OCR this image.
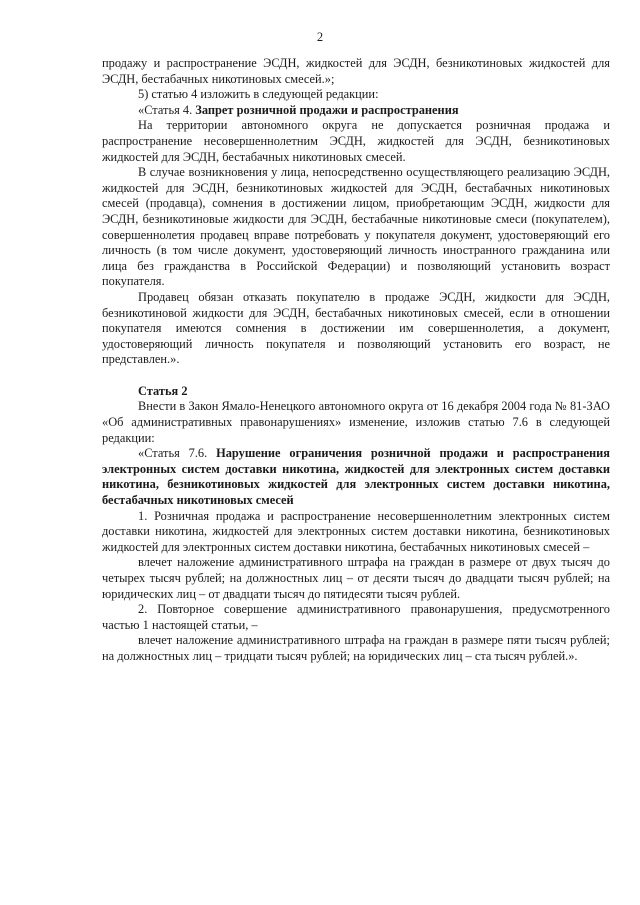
2

продажу и распространение ЭСДН, жидкостей для ЭСДН, безникотиновых жидкостей для ЭСДН, бестабачных никотиновых смесей.»;

5) статью 4 изложить в следующей редакции:

«Статья 4. Запрет розничной продажи и распространения

На территории автономного округа не допускается розничная продажа и распространение несовершеннолетним ЭСДН, жидкостей для ЭСДН, безникотиновых жидкостей для ЭСДН, бестабачных никотиновых смесей.

В случае возникновения у лица, непосредственно осуществляющего реализацию ЭСДН, жидкостей для ЭСДН, безникотиновых жидкостей для ЭСДН, бестабачных никотиновых смесей (продавца), сомнения в достижении лицом, приобретающим ЭСДН, жидкости для ЭСДН, безникотиновые жидкости для ЭСДН, бестабачные никотиновые смеси (покупателем), совершеннолетия продавец вправе потребовать у покупателя документ, удостоверяющий его личность (в том числе документ, удостоверяющий личность иностранного гражданина или лица без гражданства в Российской Федерации) и позволяющий установить возраст покупателя.

Продавец обязан отказать покупателю в продаже ЭСДН, жидкости для ЭСДН, безникотиновой жидкости для ЭСДН, бестабачных никотиновых смесей, если в отношении покупателя имеются сомнения в достижении им совершеннолетия, а документ, удостоверяющий личность покупателя и позволяющий установить его возраст, не представлен.».

Статья 2

Внести в Закон Ямало-Ненецкого автономного округа от 16 декабря 2004 года № 81-ЗАО «Об административных правонарушениях» изменение, изложив статью 7.6 в следующей редакции:

«Статья 7.6. Нарушение ограничения розничной продажи и распространения электронных систем доставки никотина, жидкостей для электронных систем доставки никотина, безникотиновых жидкостей для электронных систем доставки никотина, бестабачных никотиновых смесей

1. Розничная продажа и распространение несовершеннолетним электронных систем доставки никотина, жидкостей для электронных систем доставки никотина, безникотиновых жидкостей для электронных систем доставки никотина, бестабачных никотиновых смесей –

влечет наложение административного штрафа на граждан в размере от двух тысяч до четырех тысяч рублей; на должностных лиц – от десяти тысяч до двадцати тысяч рублей; на юридических лиц – от двадцати тысяч до пятидесяти тысяч рублей.

2. Повторное совершение административного правонарушения, предусмотренного частью 1 настоящей статьи, –

влечет наложение административного штрафа на граждан в размере пяти тысяч рублей; на должностных лиц – тридцати тысяч рублей; на юридических лиц – ста тысяч рублей.».
